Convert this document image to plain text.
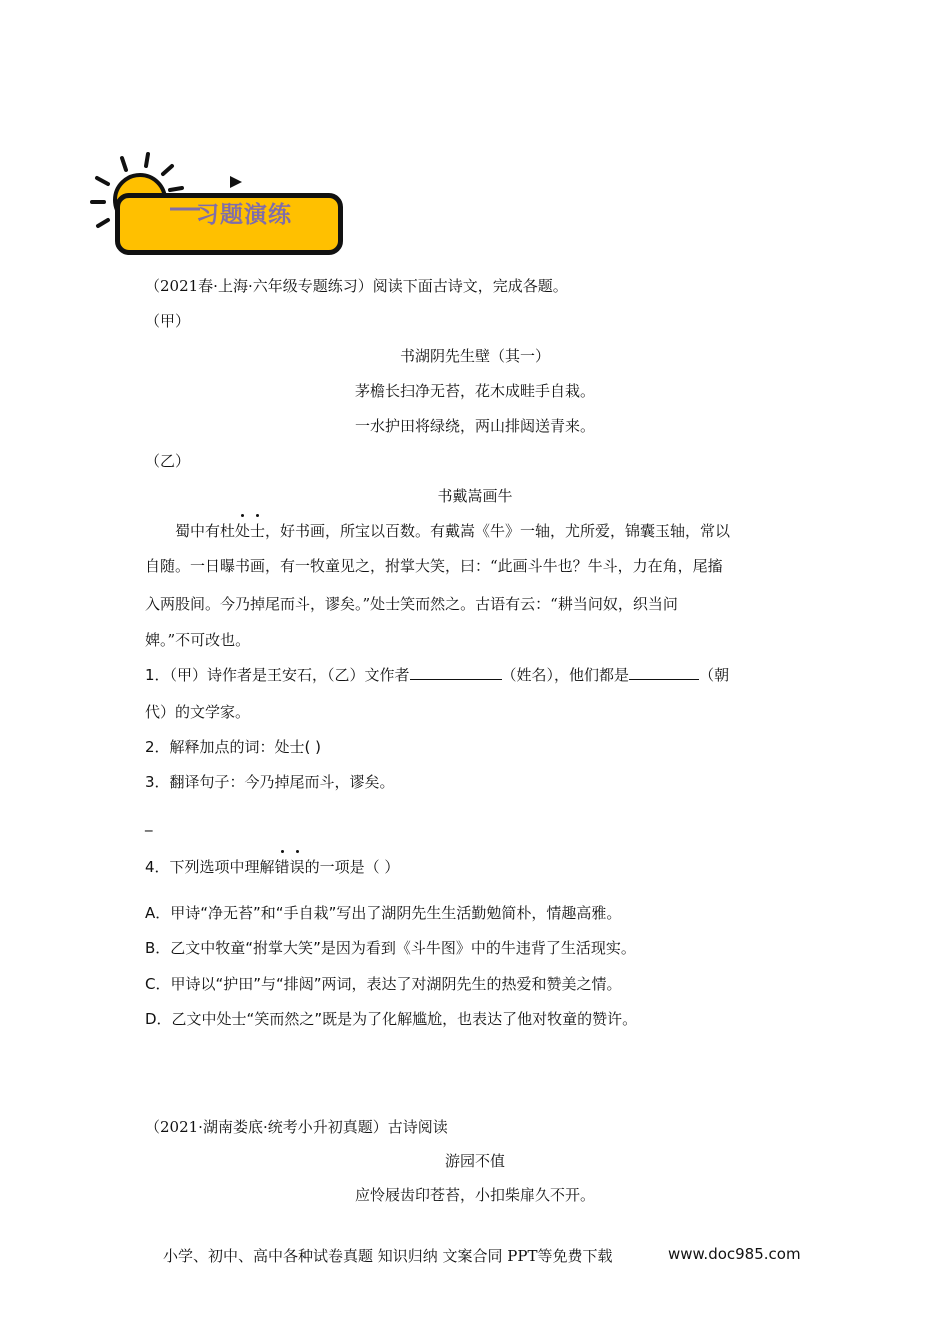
习题演练
（2021春·上海·六年级专题练习）阅读下面古诗文，完成各题。
（甲）
书湖阴先生壁（其一）
茅檐长扫净无苔，花木成畦手自栽。
一水护田将绿绕，两山排闼送青来。
（乙）
书戴嵩画牛
蜀中有杜处士，好书画，所宝以百数。有戴嵩《牛》一轴，尤所爱，锦囊玉轴，常以
自随。一日曝书画，有一牧童见之，拊掌大笑，曰：“此画斗牛也？牛斗，力在角，尾搐
入两股间。今乃掉尾而斗，谬矣。”处士笑而然之。古语有云：“耕当问奴，织当问
婢。”不可改也。
1．（甲）诗作者是王安石，（乙）文作者	（姓名），他们都是	（朝
代）的文学家。
2．解释加点的词：处士( )
3．翻译句子：今乃掉尾而斗，谬矣。
_
4．下列选项中理解错误的一项是（ ）
A．甲诗“净无苔”和“手自栽”写出了湖阴先生生活勤勉简朴，情趣高雅。
B．乙文中牧童“拊掌大笑”是因为看到《斗牛图》中的牛违背了生活现实。
C．甲诗以“护田”与“排闼”两词，表达了对湖阴先生的热爱和赞美之情。
D．乙文中处士“笑而然之”既是为了化解尴尬，也表达了他对牧童的赞许。
（2021·湖南娄底·统考小升初真题）古诗阅读
游园不值
应怜屐齿印苍苔，小扣柴扉久不开。
小学、初中、高中各种试卷真题 知识归纳 文案合同 PPT等免费下载	www.doc985.com
